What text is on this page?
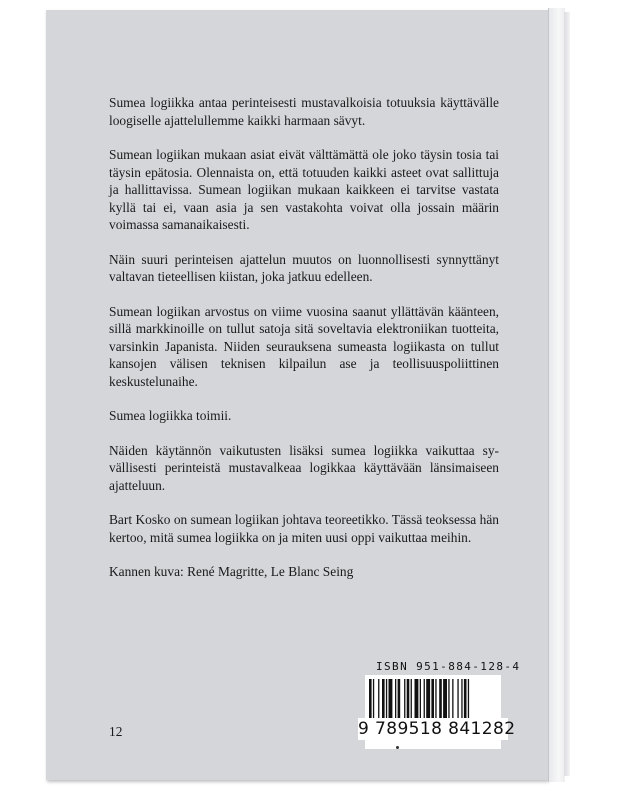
Sumea logiikka antaa perinteisesti mustavalkoisia totuuksia käyttävälle loogiselle ajattelullemme kaikki harmaan sävyt.

Sumean logiikan mukaan asiat eivät välttämättä ole joko täysin tosia tai täysin epätosia. Olennaista on, että totuuden kaikki asteet ovat sallittuja ja hallittavissa. Sumean logiikan mukaan kaikkeen ei tarvitse vastata kyllä tai ei, vaan asia ja sen vastakohta voivat olla jossain määrin voimassa samanaikaisesti.

Näin suuri perinteisen ajattelun muutos on luonnollisesti synnyttänyt valtavan tieteellisen kiistan, joka jatkuu edelleen.

Sumean logiikan arvostus on viime vuosina saanut yllättävän käänteen, sillä markkinoille on tullut satoja sitä soveltavia elektroniikan tuotteita, varsinkin Japanista. Niiden seurauksena sumeasta logiikasta on tullut kansojen välisen teknisen kilpailun ase ja teollisuuspoliittinen keskustelunaihe.

Sumea logiikka toimii.

Näiden käytännön vaikutusten lisäksi sumea logiikka vaikuttaa syvällisesti perinteistä mustavalkeaa logikkaa käyttävään länsimaiseen ajatteluun.

Bart Kosko on sumean logiikan johtava teoreetikko. Tässä teoksessa hän kertoo, mitä sumea logiikka on ja miten uusi oppi vaikuttaa meihin.

Kannen kuva: René Magritte, Le Blanc Seing

12
ISBN 951-884-128-4
9 789518 841282
